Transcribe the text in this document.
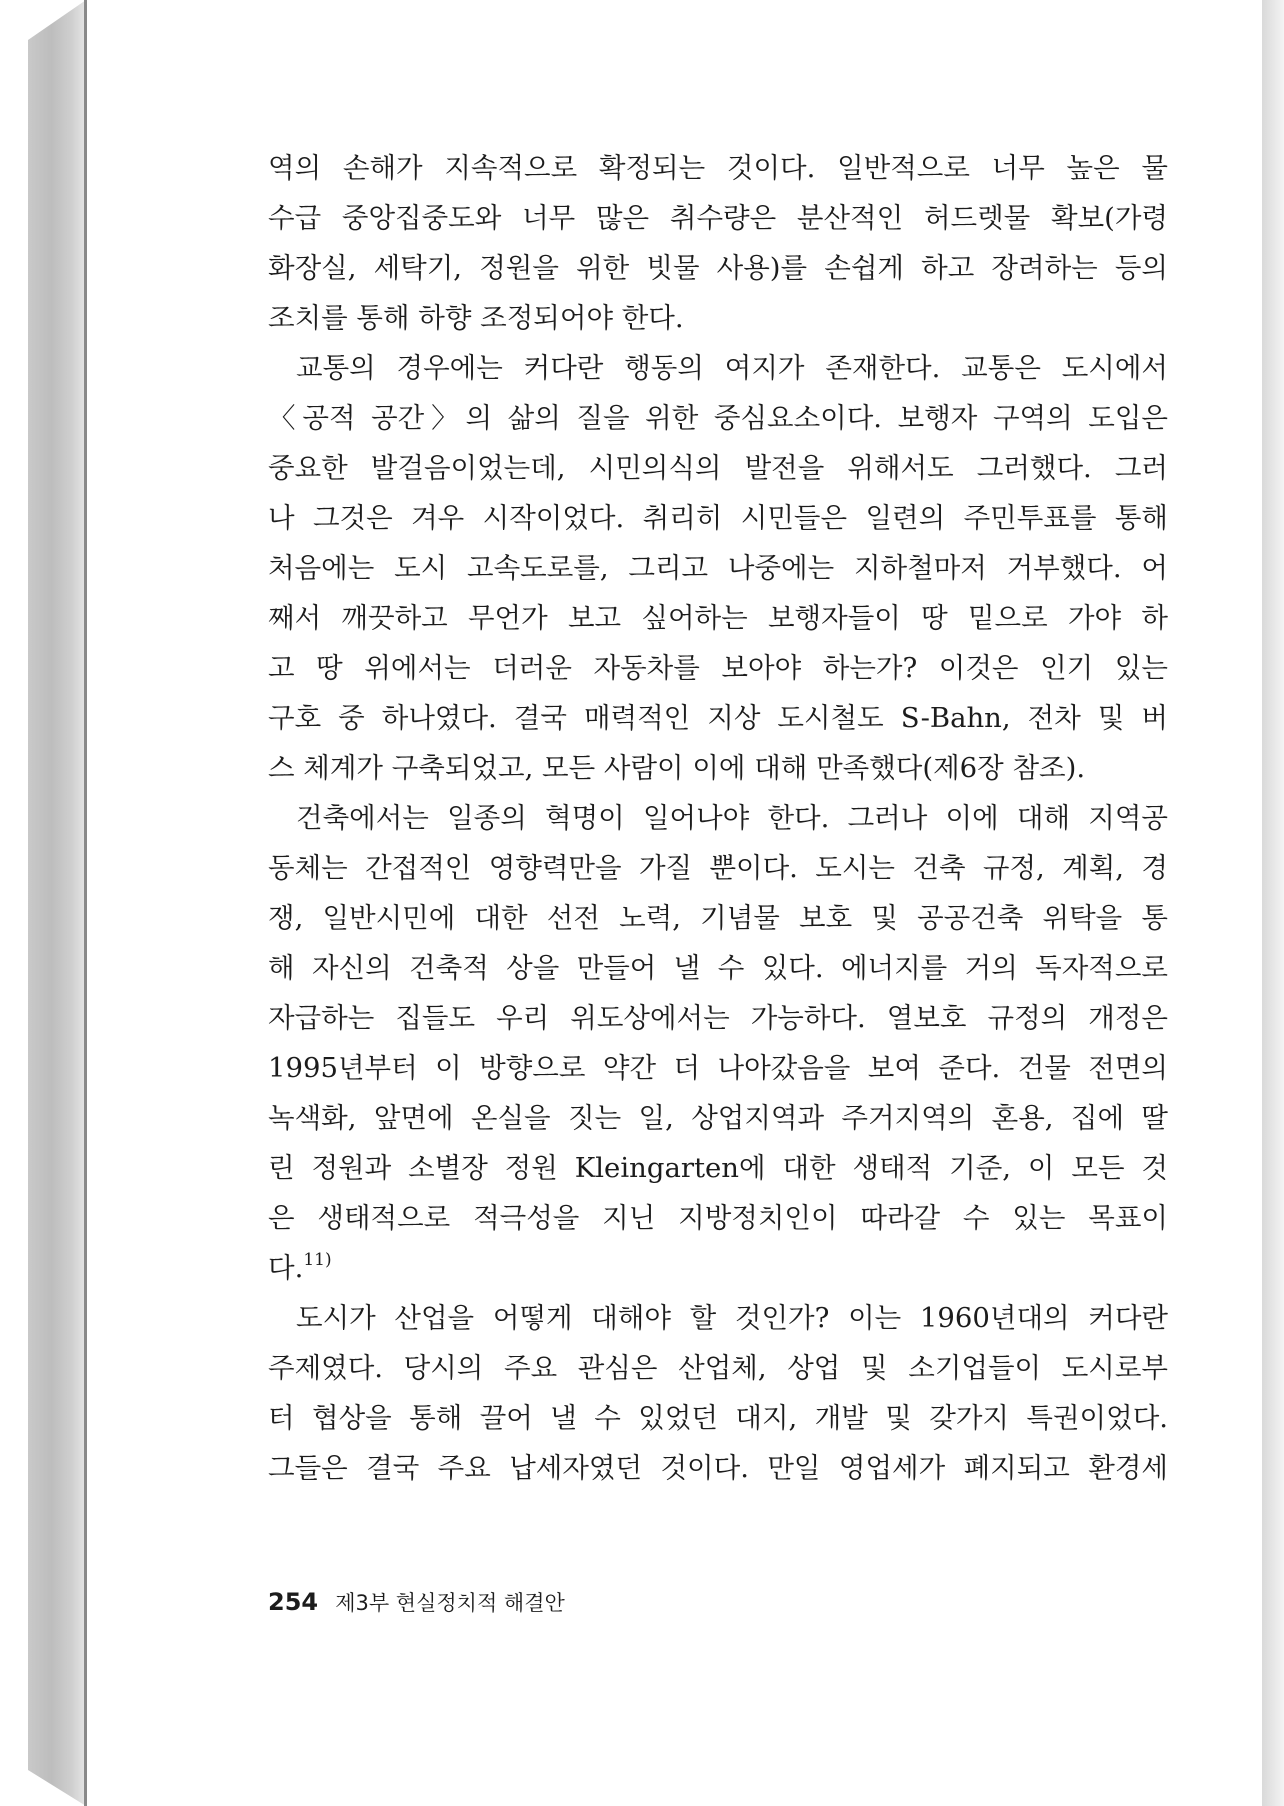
역의 손해가 지속적으로 확정되는 것이다. 일반적으로 너무 높은 물
수급 중앙집중도와 너무 많은 취수량은 분산적인 허드렛물 확보(가령
화장실, 세탁기, 정원을 위한 빗물 사용)를 손쉽게 하고 장려하는 등의
조치를 통해 하향 조정되어야 한다.
교통의 경우에는 커다란 행동의 여지가 존재한다. 교통은 도시에서
〈공적 공간〉의 삶의 질을 위한 중심요소이다. 보행자 구역의 도입은
중요한 발걸음이었는데, 시민의식의 발전을 위해서도 그러했다. 그러
나 그것은 겨우 시작이었다. 취리히 시민들은 일련의 주민투표를 통해
처음에는 도시 고속도로를, 그리고 나중에는 지하철마저 거부했다. 어
째서 깨끗하고 무언가 보고 싶어하는 보행자들이 땅 밑으로 가야 하
고 땅 위에서는 더러운 자동차를 보아야 하는가? 이것은 인기 있는
구호 중 하나였다. 결국 매력적인 지상 도시철도 S-Bahn, 전차 및 버
스 체계가 구축되었고, 모든 사람이 이에 대해 만족했다(제6장 참조).
건축에서는 일종의 혁명이 일어나야 한다. 그러나 이에 대해 지역공
동체는 간접적인 영향력만을 가질 뿐이다. 도시는 건축 규정, 계획, 경
쟁, 일반시민에 대한 선전 노력, 기념물 보호 및 공공건축 위탁을 통
해 자신의 건축적 상을 만들어 낼 수 있다. 에너지를 거의 독자적으로
자급하는 집들도 우리 위도상에서는 가능하다. 열보호 규정의 개정은
1995년부터 이 방향으로 약간 더 나아갔음을 보여 준다. 건물 전면의
녹색화, 앞면에 온실을 짓는 일, 상업지역과 주거지역의 혼용, 집에 딸
린 정원과 소별장 정원 Kleingarten에 대한 생태적 기준, 이 모든 것
은 생태적으로 적극성을 지닌 지방정치인이 따라갈 수 있는 목표이
다.$^{11)}$
도시가 산업을 어떻게 대해야 할 것인가? 이는 1960년대의 커다란
주제였다. 당시의 주요 관심은 산업체, 상업 및 소기업들이 도시로부
터 협상을 통해 끌어 낼 수 있었던 대지, 개발 및 갖가지 특권이었다.
그들은 결국 주요 납세자였던 것이다. 만일 영업세가 폐지되고 환경세
254 제3부 현실정치적 해결안
